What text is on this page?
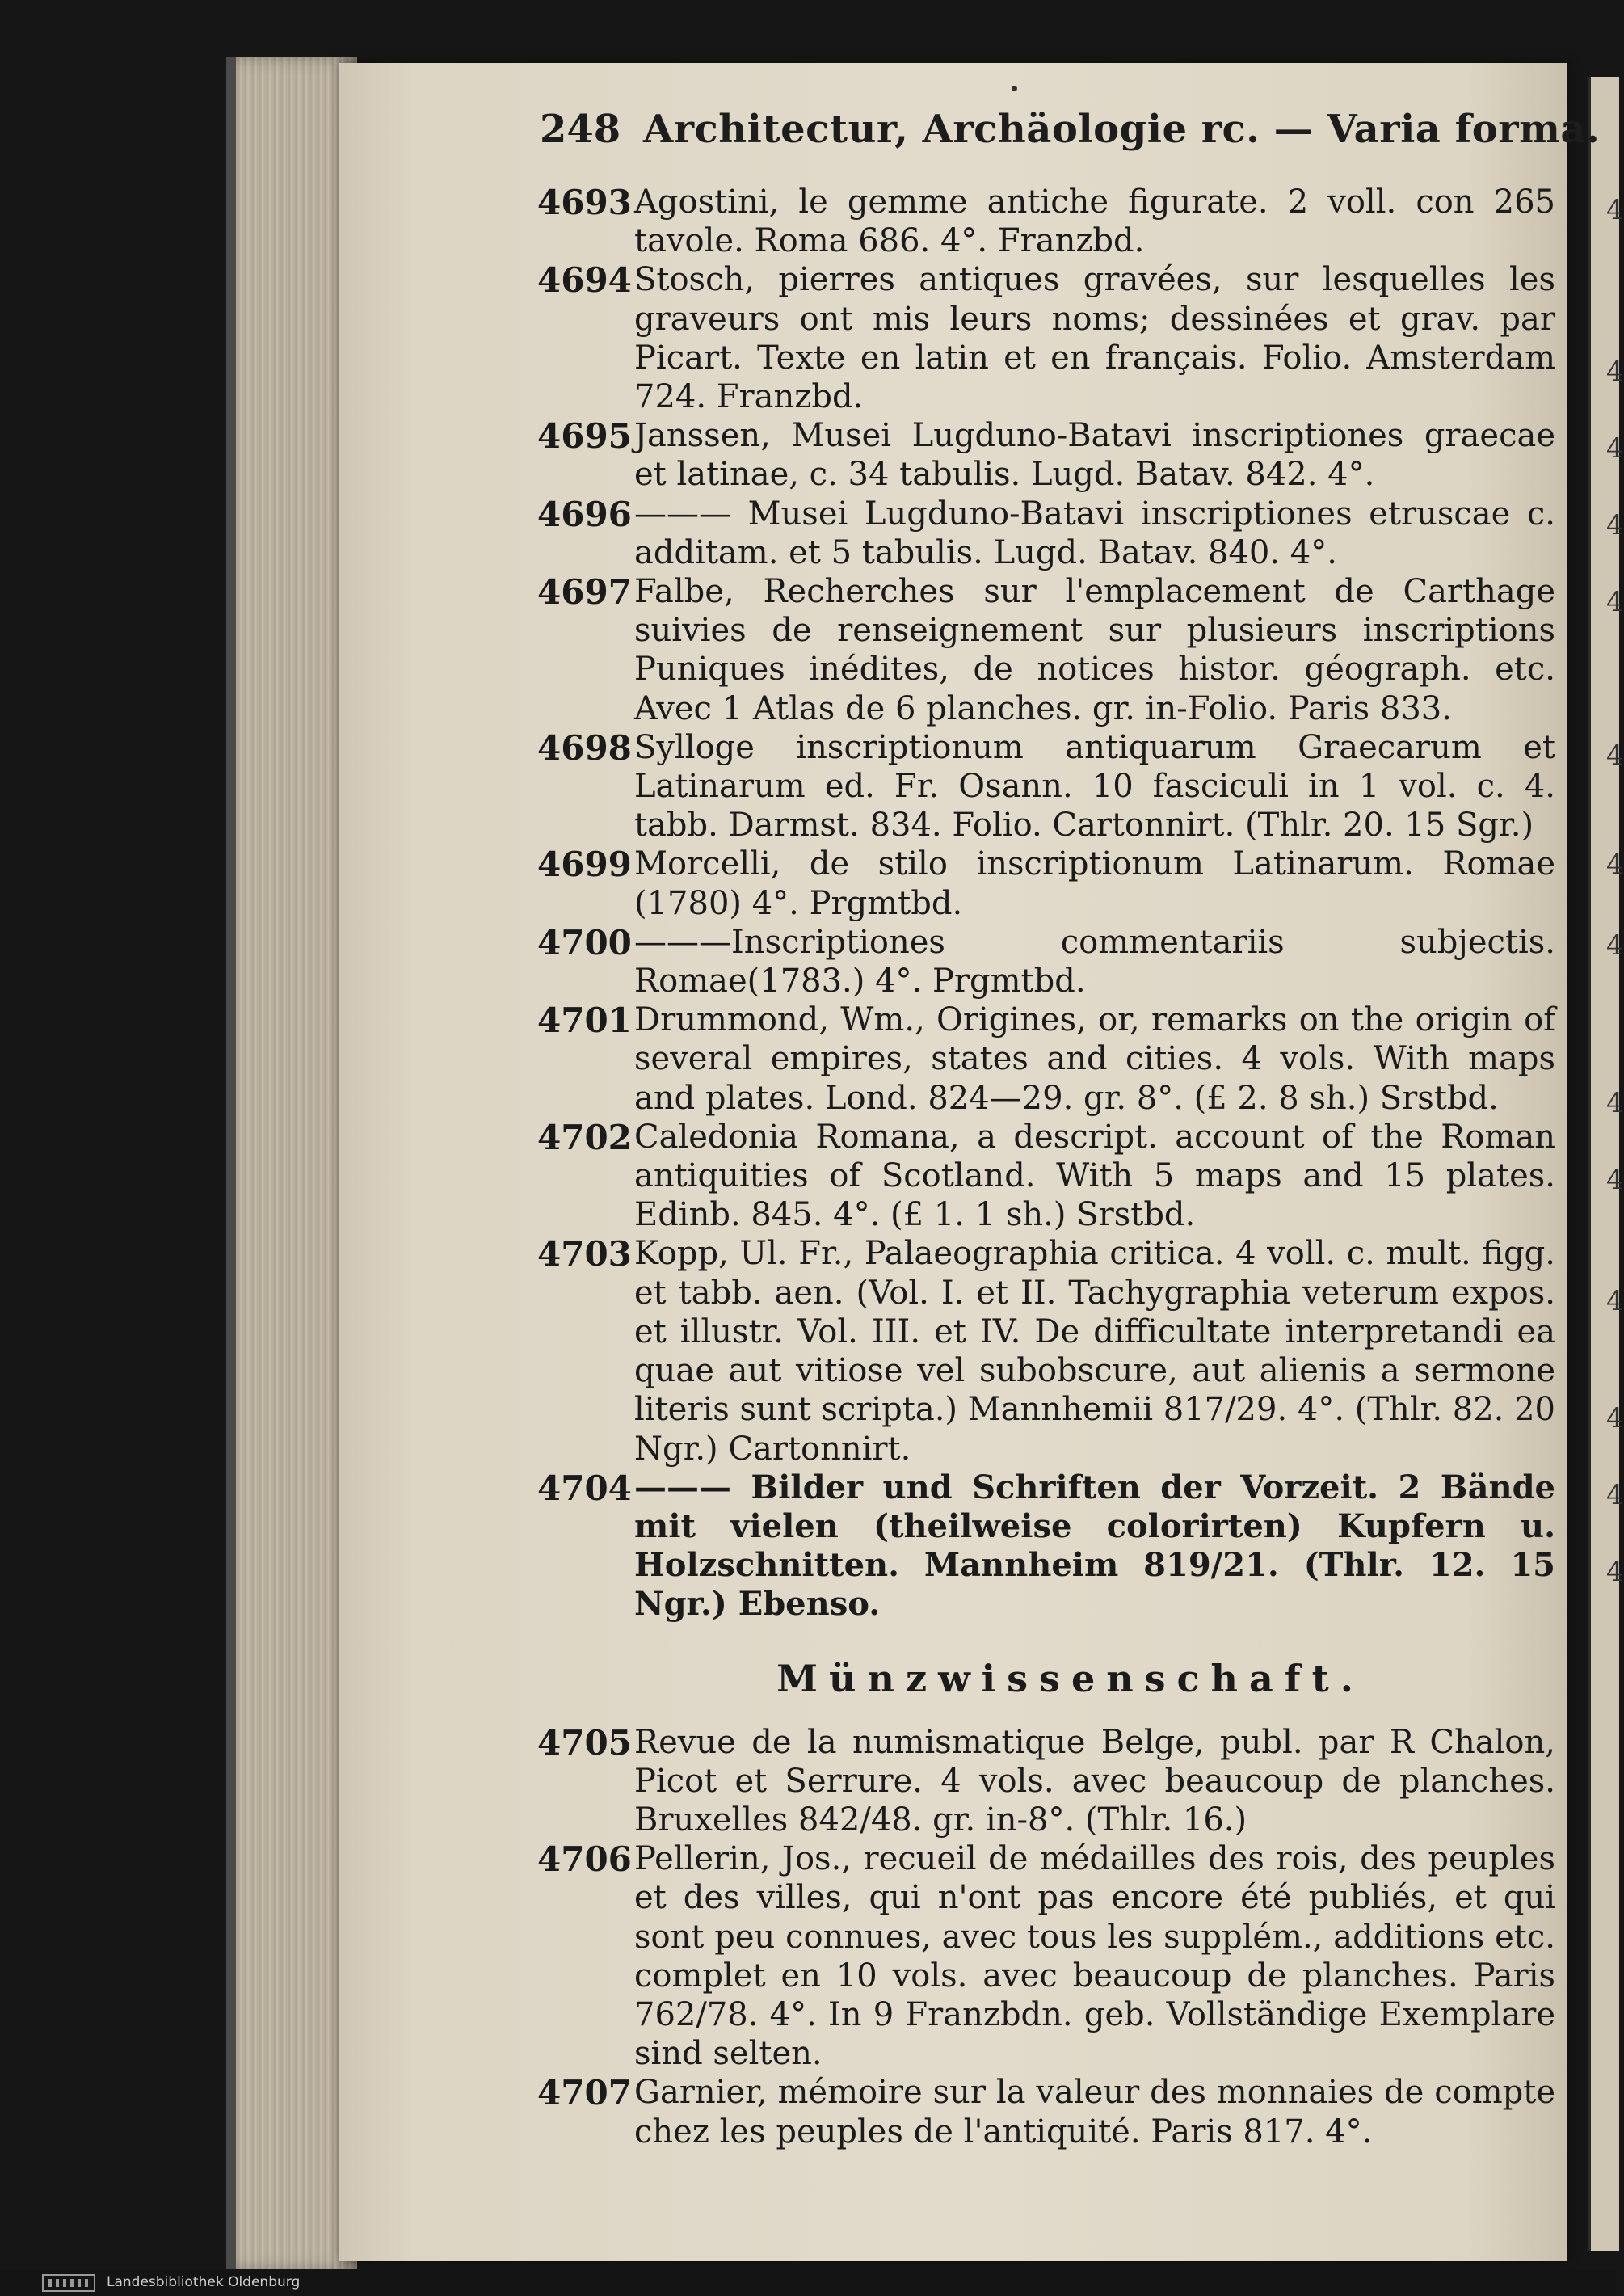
248 Architectur, Archäologie rc. — Varia forma.
4693 Agostini, le gemme antiche figurate. 2 voll. con 265 tavole. Roma 686. 4°. Franzbd.

4694 Stosch, pierres antiques gravées, sur lesquelles les graveurs ont mis leurs noms; dessinées et grav. par Picart. Texte en latin et en français. Folio. Amsterdam 724. Franzbd.

4695 Janssen, Musei Lugduno-Batavi inscriptiones graecae et latinae, c. 34 tabulis. Lugd. Batav. 842. 4°.

4696 ——— Musei Lugduno-Batavi inscriptiones etruscae c. additam. et 5 tabulis. Lugd. Batav. 840. 4°.

4697 Falbe, Recherches sur l'emplacement de Carthage suivies de renseignement sur plusieurs inscriptions Puniques inédites, de notices histor. géograph. etc. Avec 1 Atlas de 6 planches. gr. in-Folio. Paris 833.

4698 Sylloge inscriptionum antiquarum Graecarum et Latinarum ed. Fr. Osann. 10 fasciculi in 1 vol. c. 4. tabb. Darmst. 834. Folio. Cartonnirt. (Thlr. 20. 15 Sgr.)

4699 Morcelli, de stilo inscriptionum Latinarum. Romae (1780) 4°. Prgmtbd.

4700 ———Inscriptiones commentariis subjectis. Romae(1783.) 4°. Prgmtbd.

4701 Drummond, Wm., Origines, or, remarks on the origin of several empires, states and cities. 4 vols. With maps and plates. Lond. 824—29. gr. 8°. (£ 2. 8 sh.) Srstbd.

4702 Caledonia Romana, a descript. account of the Roman antiquities of Scotland. With 5 maps and 15 plates. Edinb. 845. 4°. (£ 1. 1 sh.) Srstbd.

4703 Kopp, Ul. Fr., Palaeographia critica. 4 voll. c. mult. figg. et tabb. aen. (Vol. I. et II. Tachygraphia veterum expos. et illustr. Vol. III. et IV. De difficultate interpretandi ea quae aut vitiose vel subobscure, aut alienis a sermone literis sunt scripta.) Mannhemii 817/29. 4°. (Thlr. 82. 20 Ngr.) Cartonnirt.

4704 ——— Bilder und Schriften der Vorzeit. 2 Bände mit vielen (theilweise colorirten) Kupfern u. Holzschnitten. Mannheim 819/21. (Thlr. 12. 15 Ngr.) Ebenso.

Münzwissenschaft.
4705 Revue de la numismatique Belge, publ. par R Chalon, Picot et Serrure. 4 vols. avec beaucoup de planches. Bruxelles 842/48. gr. in-8°. (Thlr. 16.)

4706 Pellerin, Jos., recueil de médailles des rois, des peuples et des villes, qui n'ont pas encore été publiés, et qui sont peu connues, avec tous les supplém., additions etc. complet en 10 vols. avec beaucoup de planches. Paris 762/78. 4°. In 9 Franzbdn. geb. Vollständige Exemplare sind selten.

4707 Garnier, mémoire sur la valeur des monnaies de compte chez les peuples de l'antiquité. Paris 817. 4°.

4
4
4
4
4
4
4
4
4
4
4
4
4
4
Landesbibliothek Oldenburg
